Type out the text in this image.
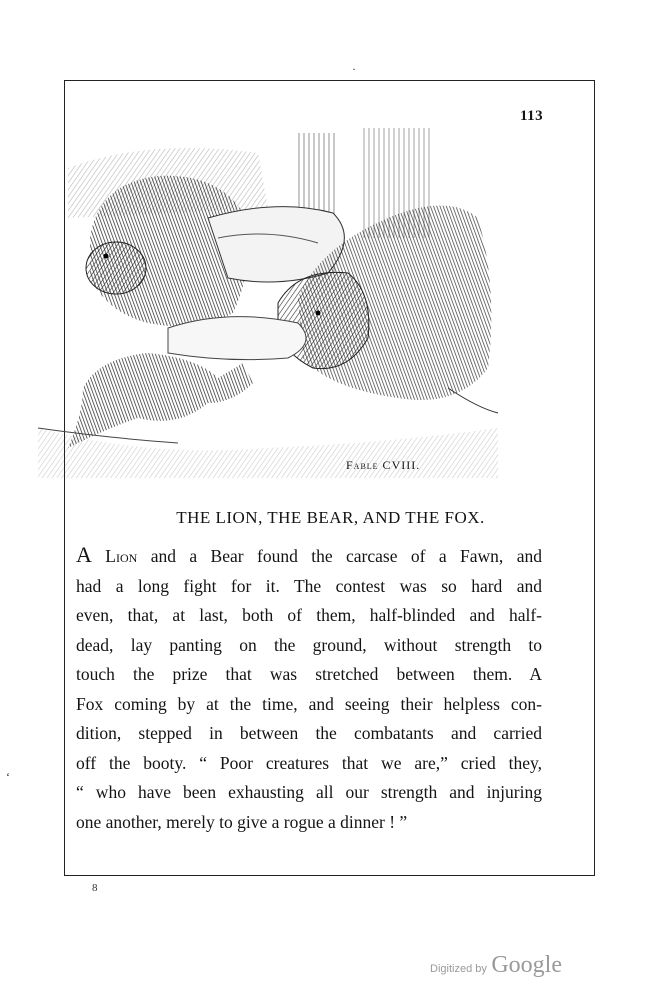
·
113
Fable CVIII.
THE LION, THE BEAR, AND THE FOX.
A Lion and a Bear found the carcase of a Fawn, and
had a long fight for it. The contest was so hard and
even, that, at last, both of them, half-blinded and half-
dead, lay panting on the ground, without strength to
touch the prize that was stretched between them. A
Fox coming by at the time, and seeing their helpless con-
dition, stepped in between the combatants and carried
off the booty. “ Poor creatures that we are,” cried they,
“ who have been exhausting all our strength and injuring
one another, merely to give a rogue a dinner ! ”
8
‘
Digitized by Google
